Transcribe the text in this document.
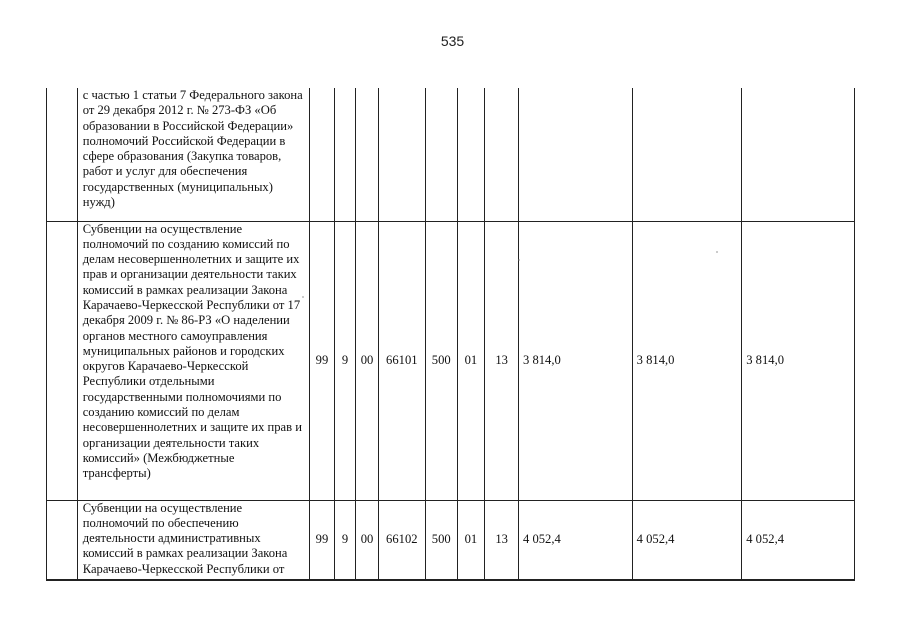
535
	с частью 1 статьи 7 Федерального закона от 29 декабря 2012 г. № 273-ФЗ «Об образовании в Российской Федерации» полномочий Российской Федерации в сфере образования (Закупка товаров, работ и услуг для обеспечения государственных (муниципальных) нужд)										
	Субвенции на осуществление полномочий по созданию комиссий по делам несовершеннолетних и защите их прав и организации деятельности таких комиссий в рамках реализации Закона Карачаево-Черкесской Республики от 17 декабря 2009 г. № 86-РЗ «О наделении органов местного самоуправления муниципальных районов и городских округов Карачаево-Черкесской Республики отдельными государственными полномочиями по созданию комиссий по делам несовершеннолетних и защите их прав и организации деятельности таких комиссий» (Межбюджетные трансферты)	99	9	00	66101	500	01	13	3 814,0	3 814,0	3 814,0
	Субвенции на осуществление полномочий по обеспечению деятельности административных комиссий в рамках реализации Закона Карачаево-Черкесской Республики от	99	9	00	66102	500	01	13	4 052,4	4 052,4	4 052,4
